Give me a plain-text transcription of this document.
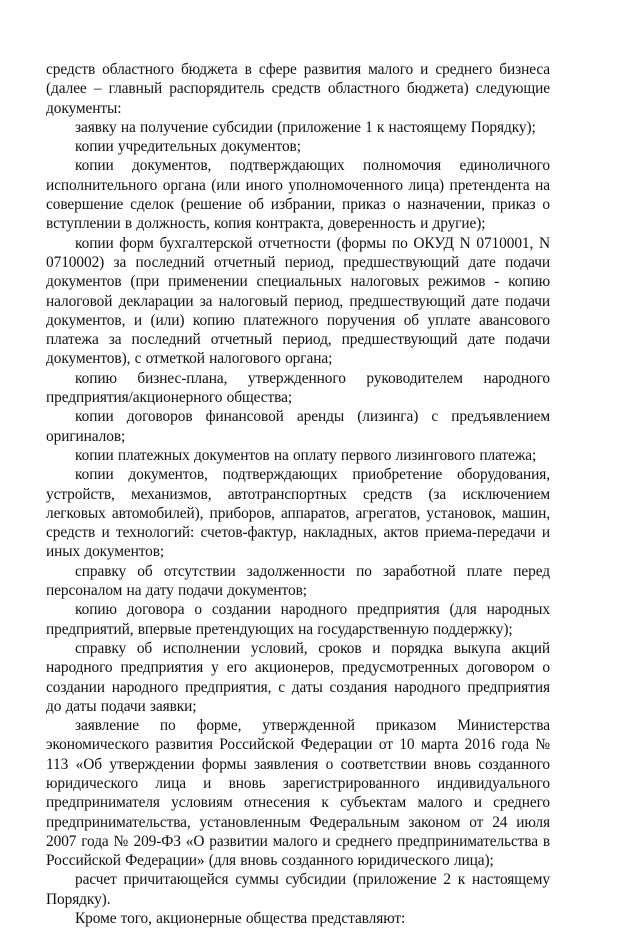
средств областного бюджета в сфере развития малого и среднего бизнеса (далее – главный распорядитель средств областного бюджета) следующие документы:

заявку на получение субсидии (приложение 1 к настоящему Порядку);

копии учредительных документов;

копии документов, подтверждающих полномочия единоличного исполнительного органа (или иного уполномоченного лица) претендента на совершение сделок (решение об избрании, приказ о назначении, приказ о вступлении в должность, копия контракта, доверенность и другие);

копии форм бухгалтерской отчетности (формы по ОКУД N 0710001, N 0710002) за последний отчетный период, предшествующий дате подачи документов (при применении специальных налоговых режимов - копию налоговой декларации за налоговый период, предшествующий дате подачи документов, и (или) копию платежного поручения об уплате авансового платежа за последний отчетный период, предшествующий дате подачи документов), с отметкой налогового органа;

копию бизнес-плана, утвержденного руководителем народного предприятия/акционерного общества;

копии договоров финансовой аренды (лизинга) с предъявлением оригиналов;

копии платежных документов на оплату первого лизингового платежа;

копии документов, подтверждающих приобретение оборудования, устройств, механизмов, автотранспортных средств (за исключением легковых автомобилей), приборов, аппаратов, агрегатов, установок, машин, средств и технологий: счетов-фактур, накладных, актов приема-передачи и иных документов;

справку об отсутствии задолженности по заработной плате перед персоналом на дату подачи документов;

копию договора о создании народного предприятия (для народных предприятий, впервые претендующих на государственную поддержку);

справку об исполнении условий, сроков и порядка выкупа акций народного предприятия у его акционеров, предусмотренных договором о создании народного предприятия, с даты создания народного предприятия до даты подачи заявки;

заявление по форме, утвержденной приказом Министерства экономического развития Российской Федерации от 10 марта 2016 года № 113 «Об утверждении формы заявления о соответствии вновь созданного юридического лица и вновь зарегистрированного индивидуального предпринимателя условиям отнесения к субъектам малого и среднего предпринимательства, установленным Федеральным законом от 24 июля 2007 года № 209-ФЗ «О развитии малого и среднего предпринимательства в Российской Федерации» (для вновь созданного юридического лица);

расчет причитающейся суммы субсидии (приложение 2 к настоящему Порядку).

Кроме того, акционерные общества представляют:
